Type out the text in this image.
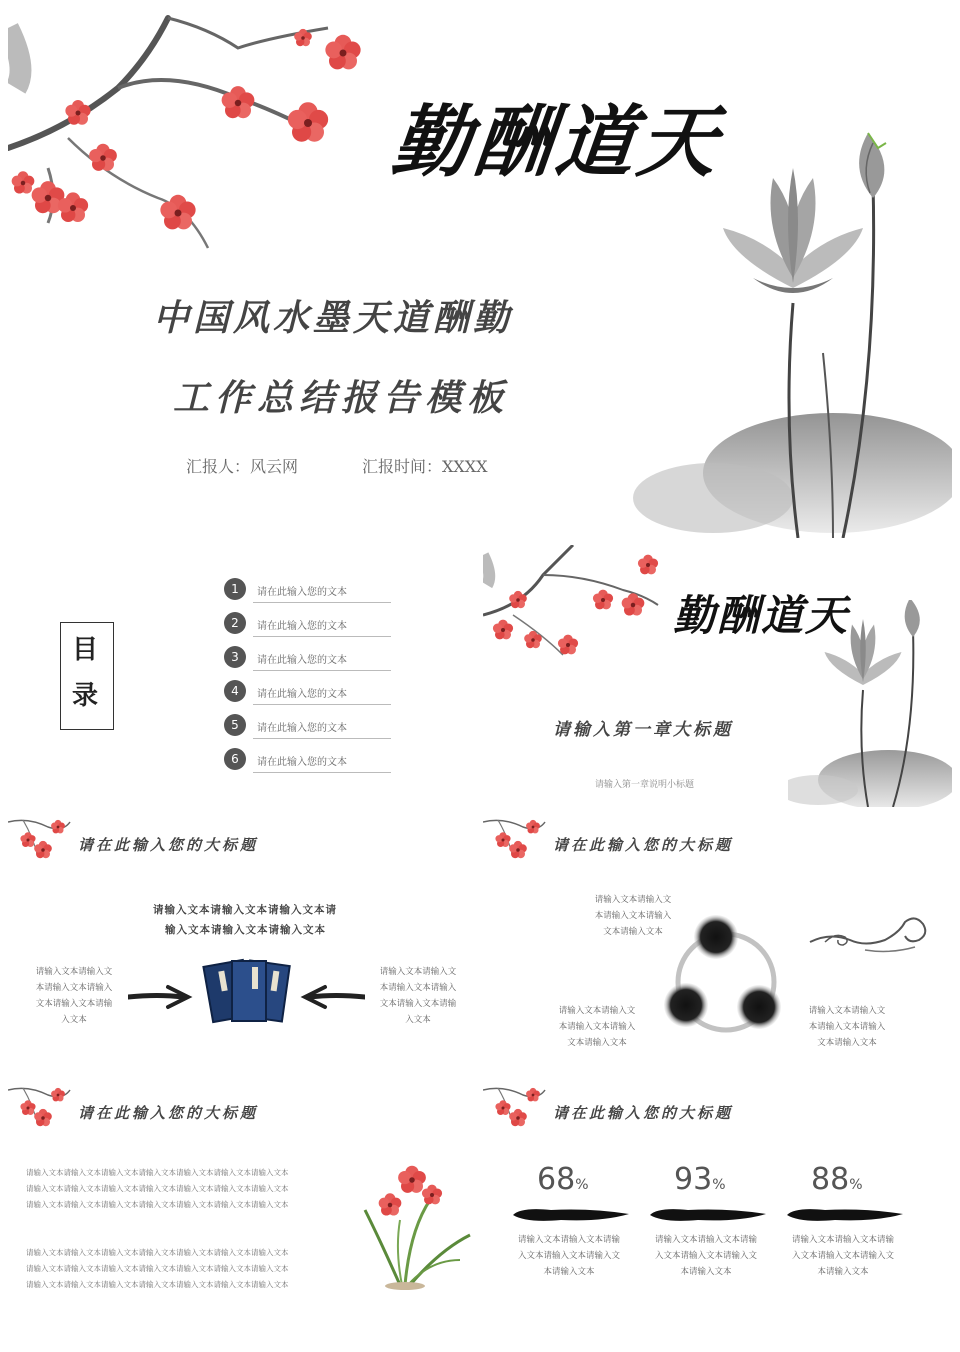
勤酬道天
中国风水墨天道酬勤
工作总结报告模板
汇报人：风云网	汇报时间：XXXX
目录
1	请在此输入您的文本
2	请在此输入您的文本
3	请在此输入您的文本
4	请在此输入您的文本
5	请在此输入您的文本
6	请在此输入您的文本
勤酬道天
请输入第一章大标题
请输入第一章说明小标题
请在此输入您的大标题
请输入文本请输入文本请输入文本请
输入文本请输入文本请输入文本
请输入文本请输入文
本请输入文本请输入
文本请输入文本请输
入文本
请输入文本请输入文
本请输入文本请输入
文本请输入文本请输
入文本
请在此输入您的大标题
请输入文本请输入文
本请输入文本请输入
文本请输入文本
请输入文本请输入文
本请输入文本请输入
文本请输入文本
请输入文本请输入文
本请输入文本请输入
文本请输入文本
请在此输入您的大标题
请输入文本请输入文本请输入文本请输入文本请输入文本请输入文本请输入文本
请输入文本请输入文本请输入文本请输入文本请输入文本请输入文本请输入文本
请输入文本请输入文本请输入文本请输入文本请输入文本请输入文本请输入文本
请输入文本请输入文本请输入文本请输入文本请输入文本请输入文本请输入文本
请输入文本请输入文本请输入文本请输入文本请输入文本请输入文本请输入文本
请输入文本请输入文本请输入文本请输入文本请输入文本请输入文本请输入文本
请在此输入您的大标题
68%
请输入文本请输入文本请输
入文本请输入文本请输入文
本请输入文本
93%
请输入文本请输入文本请输
入文本请输入文本请输入文
本请输入文本
88%
请输入文本请输入文本请输
入文本请输入文本请输入文
本请输入文本
